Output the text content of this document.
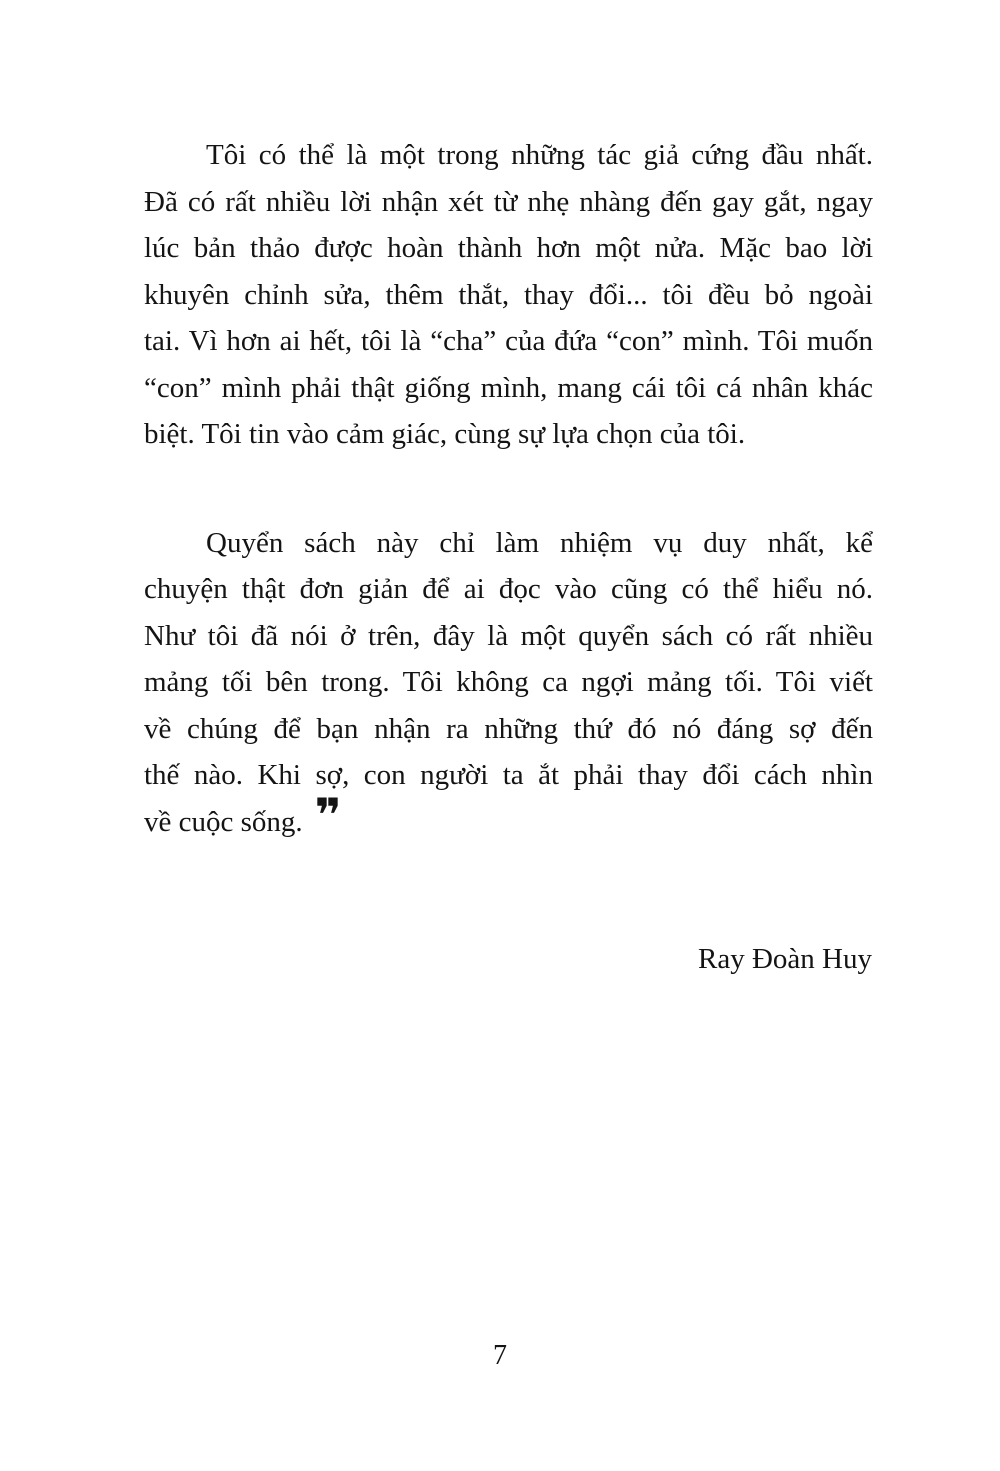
Tôi có thể là một trong những tác giả cứng đầu nhất.
Đã có rất nhiều lời nhận xét từ nhẹ nhàng đến gay gắt, ngay
lúc bản thảo được hoàn thành hơn một nửa. Mặc bao lời
khuyên chỉnh sửa, thêm thắt, thay đổi... tôi đều bỏ ngoài
tai. Vì hơn ai hết, tôi là “cha” của đứa “con” mình. Tôi muốn
“con” mình phải thật giống mình, mang cái tôi cá nhân khác
biệt. Tôi tin vào cảm giác, cùng sự lựa chọn của tôi.
Quyển sách này chỉ làm nhiệm vụ duy nhất, kể
chuyện thật đơn giản để ai đọc vào cũng có thể hiểu nó.
Như tôi đã nói ở trên, đây là một quyển sách có rất nhiều
mảng tối bên trong. Tôi không ca ngợi mảng tối. Tôi viết
về chúng để bạn nhận ra những thứ đó nó đáng sợ đến
thế nào. Khi sợ, con người ta ắt phải thay đổi cách nhìn
về cuộc sống. ❞
Ray Đoàn Huy
7
